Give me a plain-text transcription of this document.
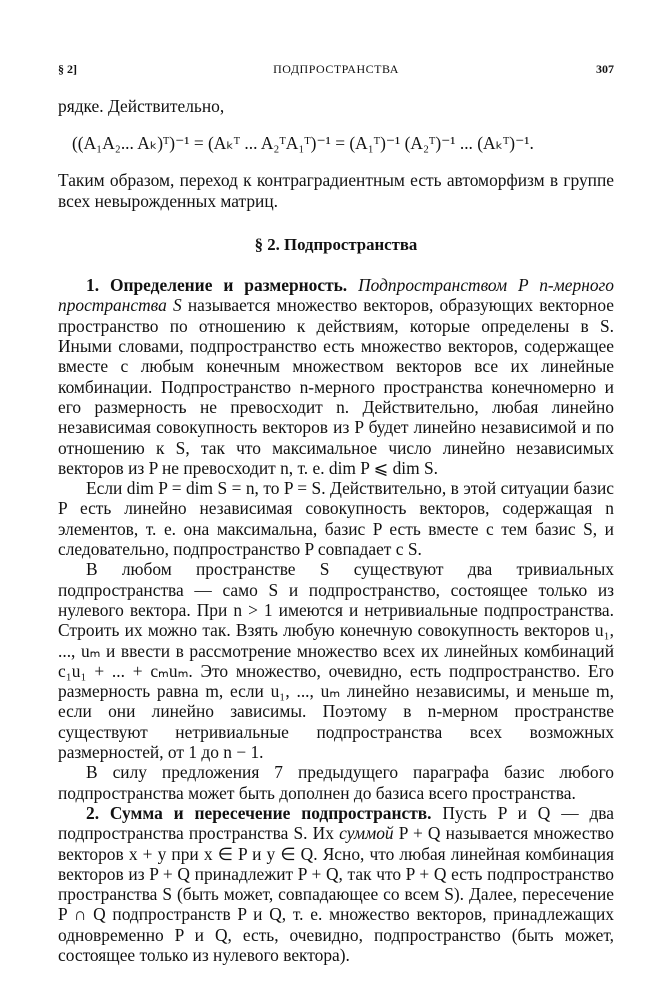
§ 2]	ПОДПРОСТРАНСТВА	307

рядке. Действительно,

((A₁A₂... Aₖ)ᵀ)⁻¹ = (Aₖᵀ ... A₂ᵀA₁ᵀ)⁻¹ = (A₁ᵀ)⁻¹ (A₂ᵀ)⁻¹ ... (Aₖᵀ)⁻¹.

Таким образом, переход к контраградиентным есть автоморфизм в группе всех невырожденных матриц.

§ 2. Подпространства

1. Определение и размерность. Подпространством P n-мерного пространства S называется множество векторов, образующих векторное пространство по отношению к действиям, которые определены в S. Иными словами, подпространство есть множество векторов, содержащее вместе с любым конечным множеством векторов все их линейные комбинации. Подпространство n-мерного пространства конечномерно и его размерность не превосходит n. Действительно, любая линейно независимая совокупность векторов из P будет линейно независимой и по отношению к S, так что максимальное число линейно независимых векторов из P не превосходит n, т. е. dim P ⩽ dim S.

Если dim P = dim S = n, то P = S. Действительно, в этой ситуации базис P есть линейно независимая совокупность векторов, содержащая n элементов, т. е. она максимальна, базис P есть вместе с тем базис S, и следовательно, подпространство P совпадает с S.

В любом пространстве S существуют два тривиальных подпространства — само S и подпространство, состоящее только из нулевого вектора. При n > 1 имеются и нетривиальные подпространства. Строить их можно так. Взять любую конечную совокупность векторов u₁, ..., uₘ и ввести в рассмотрение множество всех их линейных комбинаций c₁u₁ + ... + cₘuₘ. Это множество, очевидно, есть подпространство. Его размерность равна m, если u₁, ..., uₘ линейно независимы, и меньше m, если они линейно зависимы. Поэтому в n-мерном пространстве существуют нетривиальные подпространства всех возможных размерностей, от 1 до n − 1.

В силу предложения 7 предыдущего параграфа базис любого подпространства может быть дополнен до базиса всего пространства.

2. Сумма и пересечение подпространств. Пусть P и Q — два подпространства пространства S. Их суммой P + Q называется множество векторов x + y при x ∈ P и y ∈ Q. Ясно, что любая линейная комбинация векторов из P + Q принадлежит P + Q, так что P + Q есть подпространство пространства S (быть может, совпадающее со всем S). Далее, пересечение P ∩ Q подпространств P и Q, т. е. множество векторов, принадлежащих одновременно P и Q, есть, очевидно, подпространство (быть может, состоящее только из нулевого вектора).
